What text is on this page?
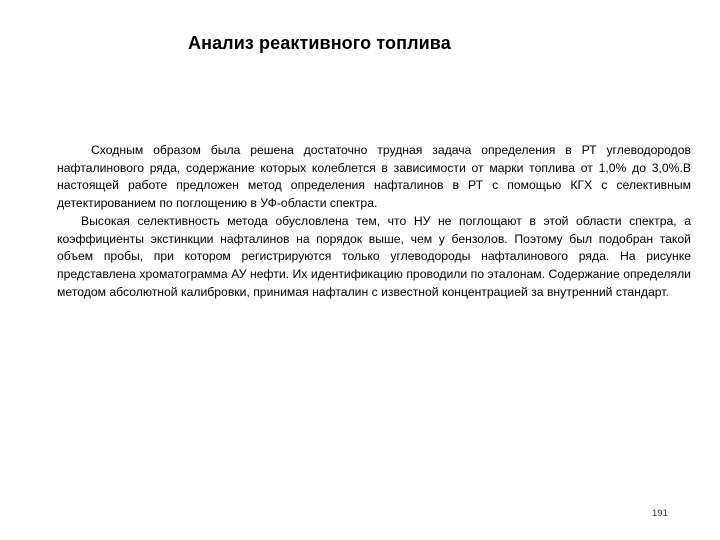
Анализ реактивного топлива

Сходным образом была решена достаточно трудная задача определения в РТ углеводородов нафталинового ряда, содержание которых колеблется в зависимости от марки топлива от 1,0% до 3,0%.В настоящей работе предложен метод определения нафталинов в РТ с помощью КГХ с селективным детектированием по поглощению в УФ-области спектра.

Высокая селективность метода обусловлена тем, что НУ не поглощают в этой области спектра, а коэффициенты экстинкции нафталинов на порядок выше, чем у бензолов. Поэтому был подобран такой объем пробы, при котором регистрируются только углеводороды нафталинового ряда. На рисунке представлена хроматограмма АУ нефти. Их идентификацию проводили по эталонам. Содержание определяли методом абсолютной калибровки, принимая нафталин с известной концентрацией за внутренний стандарт.

191
